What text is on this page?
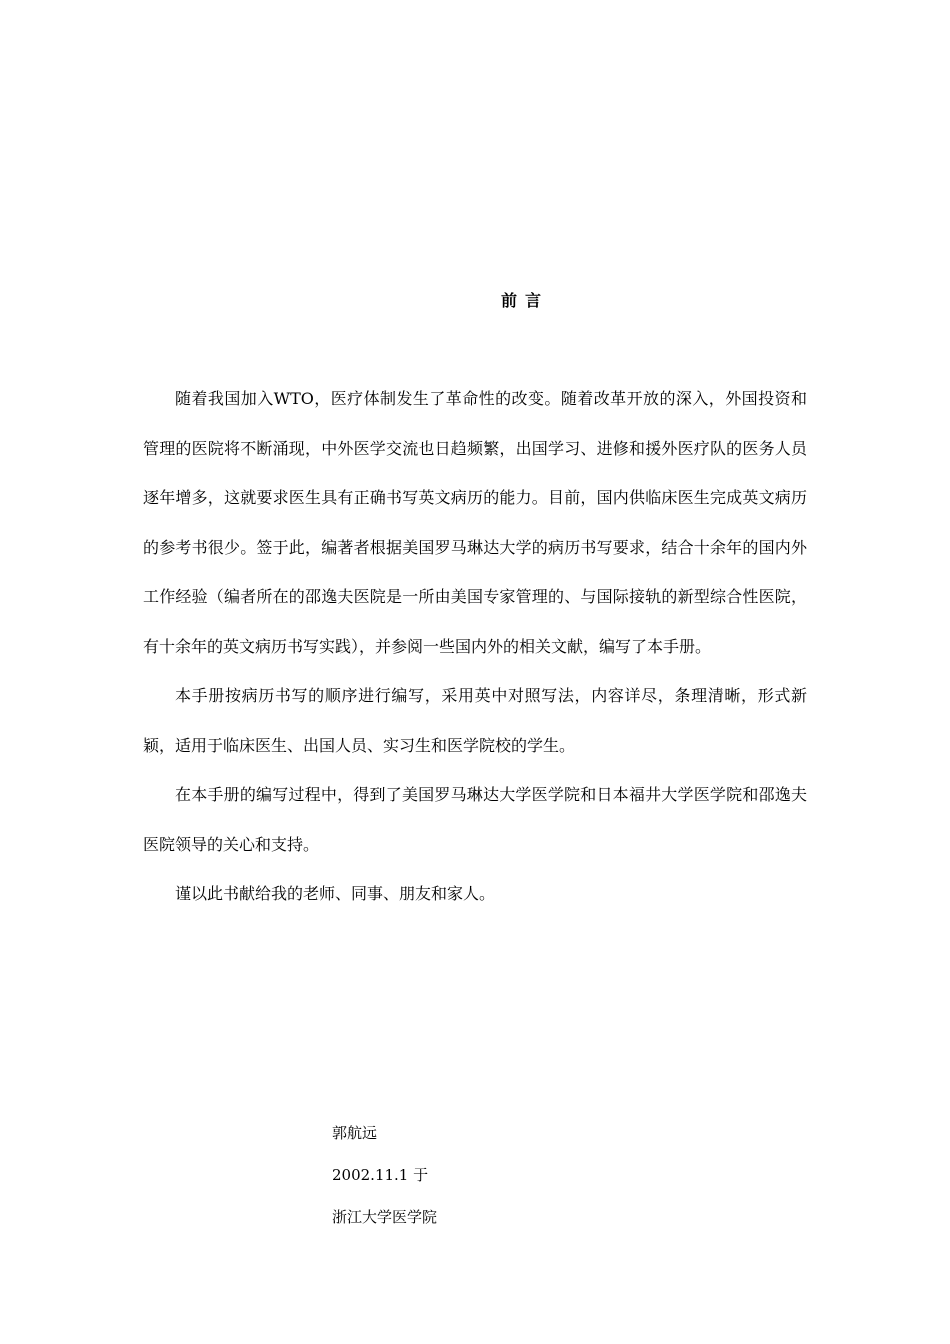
前言

随着我国加入WTO，医疗体制发生了革命性的改变。随着改革开放的深入，外国投资和管理的医院将不断涌现，中外医学交流也日趋频繁，出国学习、进修和援外医疗队的医务人员逐年增多，这就要求医生具有正确书写英文病历的能力。目前，国内供临床医生完成英文病历的参考书很少。签于此，编著者根据美国罗马琳达大学的病历书写要求，结合十余年的国内外工作经验（编者所在的邵逸夫医院是一所由美国专家管理的、与国际接轨的新型综合性医院，有十余年的英文病历书写实践），并参阅一些国内外的相关文献，编写了本手册。

本手册按病历书写的顺序进行编写，采用英中对照写法，内容详尽，条理清晰，形式新颖，适用于临床医生、出国人员、实习生和医学院校的学生。

在本手册的编写过程中，得到了美国罗马琳达大学医学院和日本福井大学医学院和邵逸夫医院领导的关心和支持。

谨以此书献给我的老师、同事、朋友和家人。

郭航远
2002.11.1 于
浙江大学医学院
